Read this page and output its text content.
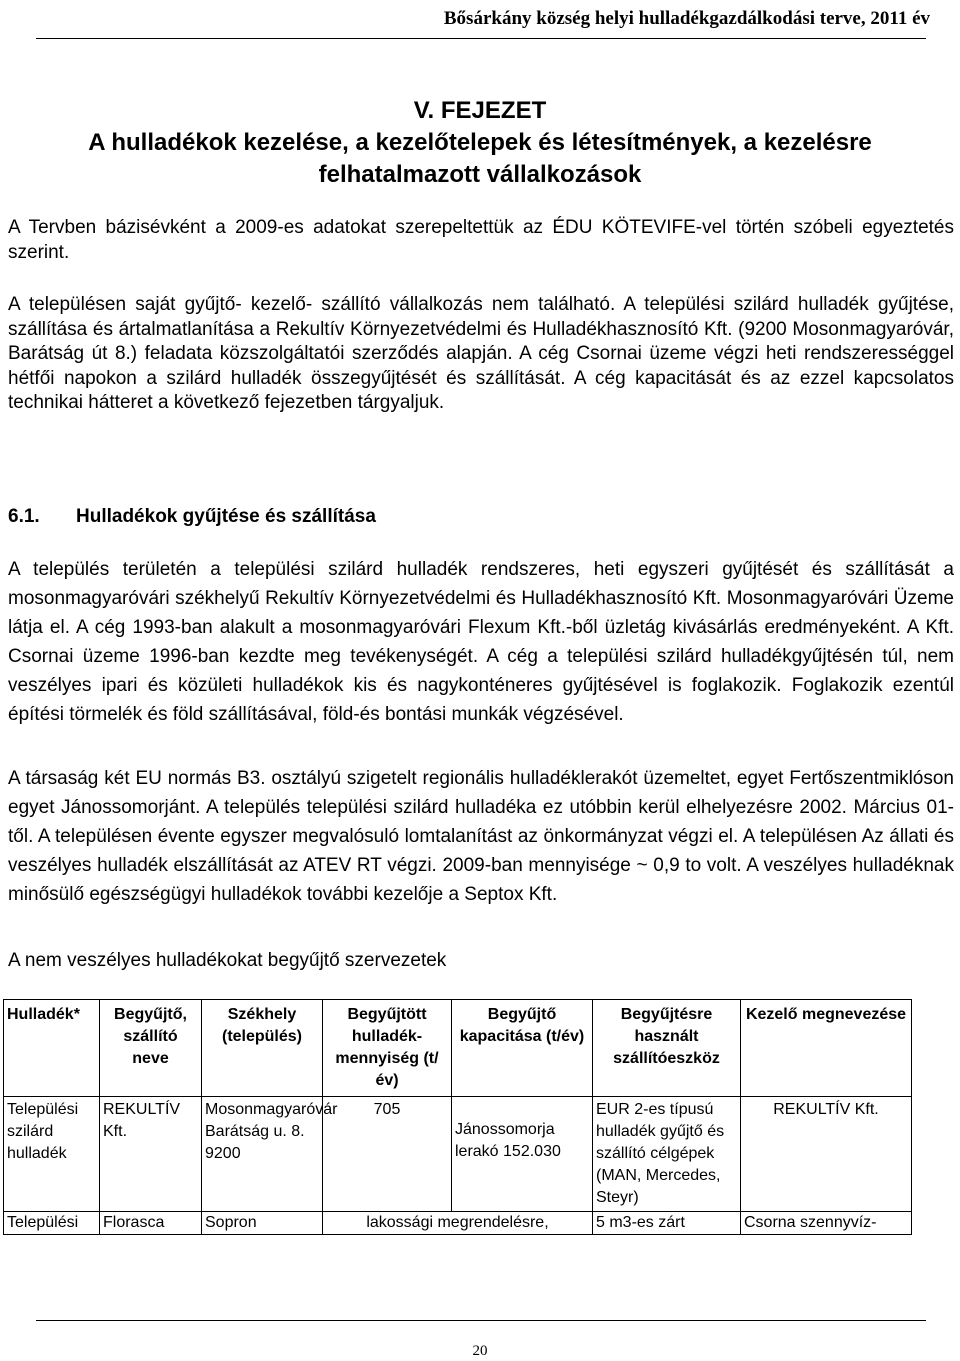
Bősárkány község helyi hulladékgazdálkodási terve, 2011 év

V. FEJEZET
A hulladékok kezelése, a kezelőtelepek és létesítmények, a kezelésre
felhatalmazott vállalkozások

A Tervben bázisévként a 2009-es adatokat szerepeltettük az ÉDU KÖTEVIFE-vel történ szóbeli egyeztetés szerint.

A településen saját gyűjtő- kezelő- szállító vállalkozás nem található. A települési szilárd hulladék gyűjtése, szállítása és ártalmatlanítása a Rekultív Környezetvédelmi és Hulladékhasznosító Kft. (9200 Mosonmagyaróvár, Barátság út 8.) feladata közszolgáltatói szerződés alapján. A cég Csornai üzeme végzi heti rendszerességgel hétfői napokon a szilárd hulladék összegyűjtését és szállítását. A cég kapacitását és az ezzel kapcsolatos technikai hátteret a következő fejezetben tárgyaljuk.

6.1. Hulladékok gyűjtése és szállítása

A település területén a települési szilárd hulladék rendszeres, heti egyszeri gyűjtését és szállítását a mosonmagyaróvári székhelyű Rekultív Környezetvédelmi és Hulladékhasznosító Kft. Mosonmagyaróvári Üzeme látja el. A cég 1993-ban alakult a mosonmagyaróvári Flexum Kft.-ből üzletág kivásárlás eredményeként. A Kft. Csornai üzeme 1996-ban kezdte meg tevékenységét. A cég a települési szilárd hulladékgyűjtésén túl, nem veszélyes ipari és közületi hulladékok kis és nagykonténeres gyűjtésével is foglakozik. Foglakozik ezentúl építési törmelék és föld szállításával, föld-és bontási munkák végzésével.

A társaság két EU normás B3. osztályú szigetelt regionális hulladéklerakót üzemeltet, egyet Fertőszentmiklóson egyet Jánossomorjánt. A település települési szilárd hulladéka ez utóbbin kerül elhelyezésre 2002. Március 01-től. A településen évente egyszer megvalósuló lomtalanítást az önkormányzat végzi el. A településen Az állati és veszélyes hulladék elszállítását az ATEV RT végzi. 2009-ban mennyisége ~ 0,9 to volt. A veszélyes hulladéknak minősülő egészségügyi hulladékok további kezelője a Septox Kft.

A nem veszélyes hulladékokat begyűjtő szervezetek

Hulladék*	Begyűjtő, szállító neve	Székhely (település)	Begyűjtött hulladék-mennyiség (t/év)	Begyűjtő kapacitása (t/év)	Begyűjtésre használt szállítóeszköz	Kezelő megnevezése
Települési szilárd hulladék	REKULTÍV Kft.	Mosonmagyaróvár Barátság u. 8. 9200	705	Jánossomorja lerakó 152.030	EUR 2-es típusú hulladék gyűjtő és szállító célgépek (MAN, Mercedes, Steyr)	REKULTÍV Kft.
Települési	Florasca	Sopron	lakossági megrendelésre,		5 m3-es zárt	Csorna szennyvíz-

20
